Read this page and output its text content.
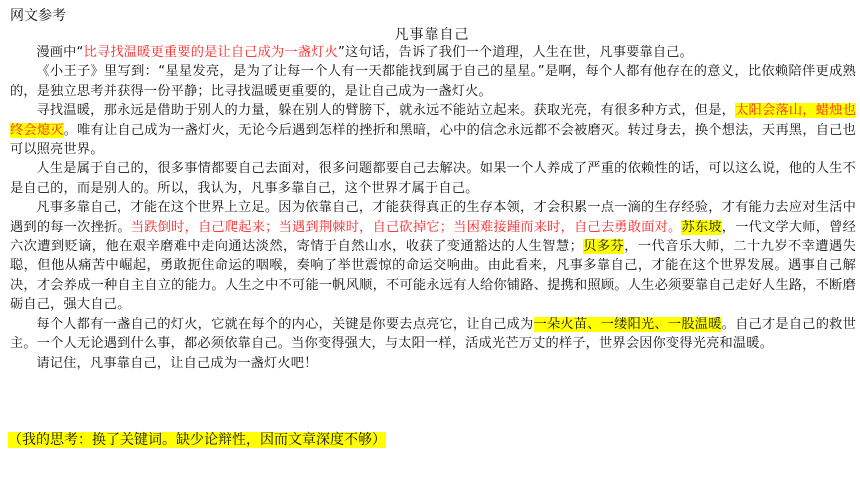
网文参考
凡事靠自己

漫画中“比寻找温暖更重要的是让自己成为一盏灯火”这句话，告诉了我们一个道理，人生在世，凡事要靠自己。

《小王子》里写到：“星星发亮，是为了让每一个人有一天都能找到属于自己的星星。”是啊，每个人都有他存在的意义，比依赖陪伴更成熟的，是独立思考并获得一份平静；比寻找温暖更重要的，是让自己成为一盏灯火。

寻找温暖，那永远是借助于别人的力量，躲在别人的臂膀下，就永远不能站立起来。获取光亮，有很多种方式，但是，太阳会落山，蜡烛也终会熄灭。唯有让自己成为一盏灯火，无论今后遇到怎样的挫折和黑暗，心中的信念永远都不会被磨灭。转过身去，换个想法，天再黑，自己也可以照亮世界。

人生是属于自己的，很多事情都要自己去面对，很多问题都要自己去解决。如果一个人养成了严重的依赖性的话，可以这么说，他的人生不是自己的，而是别人的。所以，我认为，凡事多靠自己，这个世界才属于自己。

凡事多靠自己，才能在这个世界上立足。因为依靠自己，才能获得真正的生存本领，才会积累一点一滴的生存经验，才有能力去应对生活中遇到的每一次挫折。当跌倒时，自己爬起来；当遇到荆棘时，自己砍掉它；当困难接踵而来时，自己去勇敢面对。苏东坡，一代文学大师，曾经六次遭到贬谪，他在艰辛磨难中走向通达淡然，寄情于自然山水，收获了变通豁达的人生智慧；贝多芬，一代音乐大师，二十九岁不幸遭遇失聪，但他从痛苦中崛起，勇敢扼住命运的咽喉，奏响了举世震惊的命运交响曲。由此看来，凡事多靠自己，才能在这个世界发展。遇事自己解决，才会养成一种自主自立的能力。人生之中不可能一帆风顺，不可能永远有人给你铺路、提携和照顾。人生必须要靠自己走好人生路，不断磨砺自己，强大自己。

每个人都有一盏自己的灯火，它就在每个的内心，关键是你要去点亮它，让自己成为一朵火苗、一缕阳光、一股温暖。自己才是自己的救世主。一个人无论遇到什么事，都必须依靠自己。当你变得强大，与太阳一样，活成光芒万丈的样子，世界会因你变得光亮和温暖。

请记住，凡事靠自己，让自己成为一盏灯火吧！

（我的思考：换了关键词。缺少论辩性，因而文章深度不够）
